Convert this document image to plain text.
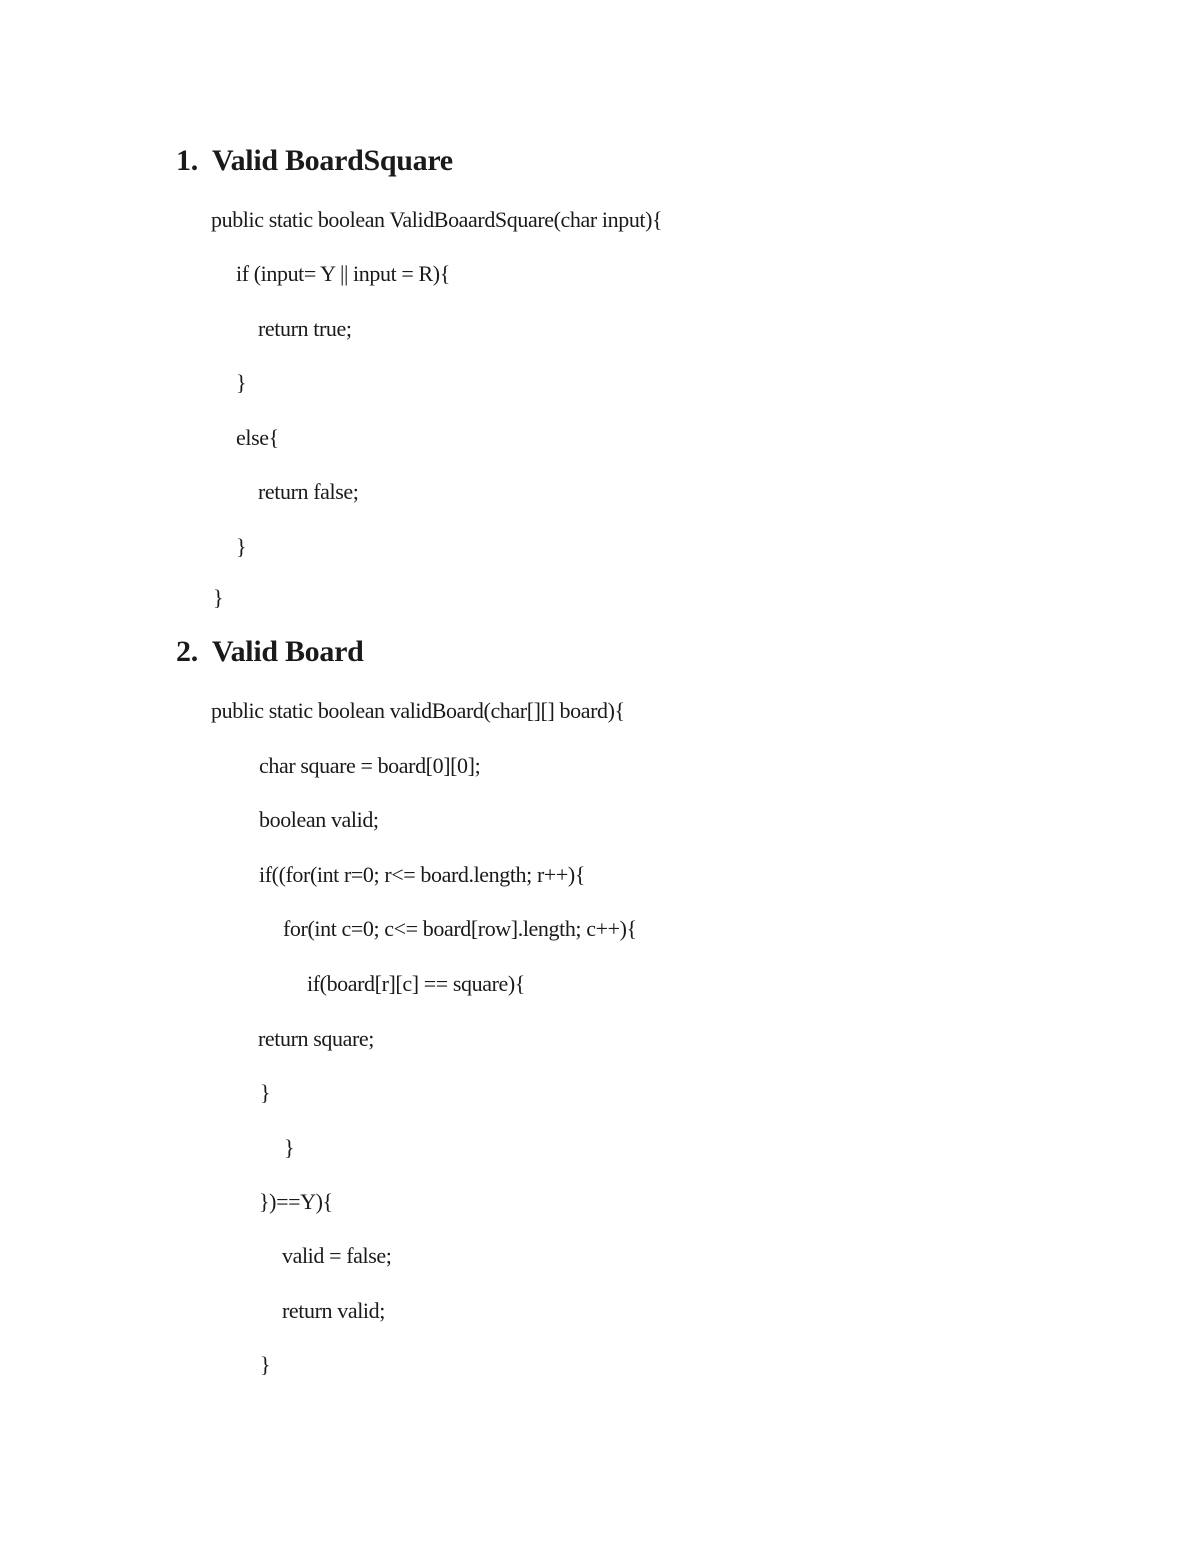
1. Valid BoardSquare
public static boolean ValidBoaardSquare(char input){
if (input= Y || input = R){
return true;
}
else{
return false;
}
}
2. Valid Board
public static boolean validBoard(char[][] board){
char square = board[0][0];
boolean valid;
if((for(int r=0; r<= board.length; r++){
for(int c=0; c<= board[row].length; c++){
if(board[r][c] == square){
return square;
}
}
})==Y){
valid = false;
return valid;
}
